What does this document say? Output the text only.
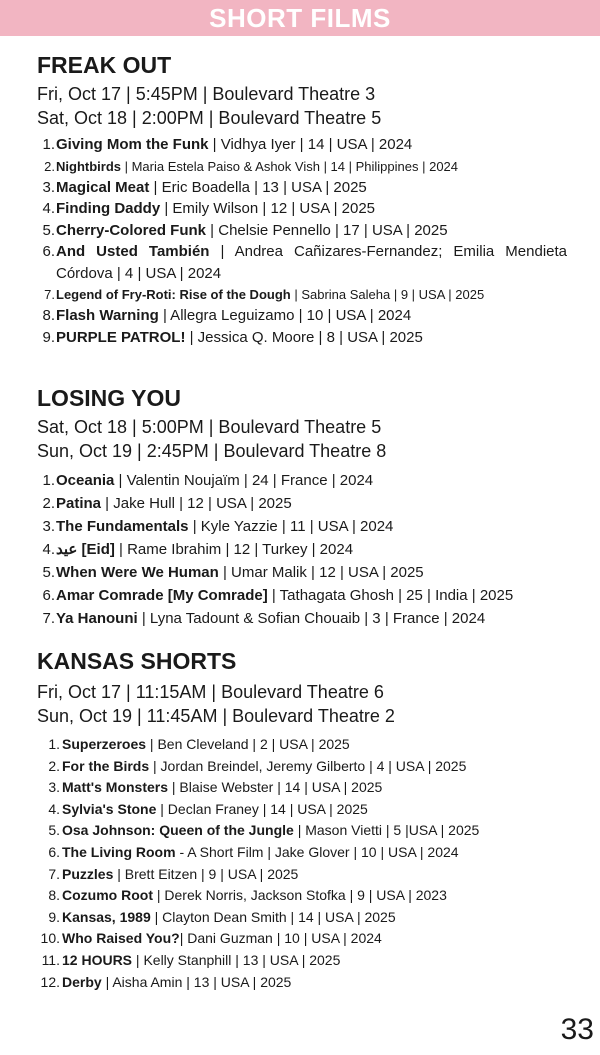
SHORT FILMS
FREAK OUT

Fri, Oct 17 | 5:45PM | Boulevard Theatre 3

Sat, Oct 18 | 2:00PM | Boulevard Theatre 5

1. Giving Mom the Funk | Vidhya Iyer | 14 | USA | 2024
2. Nightbirds | Maria Estela Paiso & Ashok Vish | 14 | Philippines | 2024
3. Magical Meat | Eric Boadella | 13 | USA | 2025
4. Finding Daddy | Emily Wilson | 12 | USA | 2025
5. Cherry-Colored Funk | Chelsie Pennello | 17 | USA | 2025
6. And Usted También | Andrea Cañizares-Fernandez; Emilia Mendieta Córdova | 4 | USA | 2024
7. Legend of Fry-Roti: Rise of the Dough | Sabrina Saleha | 9 | USA | 2025
8. Flash Warning | Allegra Leguizamo | 10 | USA | 2024
9. PURPLE PATROL! | Jessica Q. Moore | 8 | USA | 2025
LOSING YOU

Sat, Oct 18 | 5:00PM | Boulevard Theatre 5

Sun, Oct 19 | 2:45PM | Boulevard Theatre 8

1. Oceania | Valentin Noujaïm | 24 | France | 2024
2. Patina | Jake Hull | 12 | USA | 2025
3. The Fundamentals | Kyle Yazzie | 11 | USA | 2024
4. عيد [Eid] | Rame Ibrahim | 12 | Turkey | 2024
5. When Were We Human | Umar Malik | 12 | USA | 2025
6. Amar Comrade [My Comrade] | Tathagata Ghosh | 25 | India | 2025
7. Ya Hanouni | Lyna Tadount & Sofian Chouaib | 3 | France | 2024
KANSAS SHORTS

Fri, Oct 17 | 11:15AM | Boulevard Theatre 6

Sun, Oct 19 | 11:45AM | Boulevard Theatre 2

1. Superzeroes | Ben Cleveland | 2 | USA | 2025
2. For the Birds | Jordan Breindel, Jeremy Gilberto | 4 | USA | 2025
3. Matt's Monsters | Blaise Webster | 14 | USA | 2025
4. Sylvia's Stone | Declan Franey | 14 | USA | 2025
5. Osa Johnson: Queen of the Jungle | Mason Vietti | 5 |USA | 2025
6. The Living Room - A Short Film | Jake Glover | 10 | USA | 2024
7. Puzzles | Brett Eitzen | 9 | USA | 2025
8. Cozumo Root | Derek Norris, Jackson Stofka | 9 | USA | 2023
9. Kansas, 1989 | Clayton Dean Smith | 14 | USA | 2025
10. Who Raised You?| Dani Guzman | 10 | USA | 2024
11. 12 HOURS | Kelly Stanphill | 13 | USA | 2025
12. Derby | Aisha Amin | 13 | USA | 2025
33
